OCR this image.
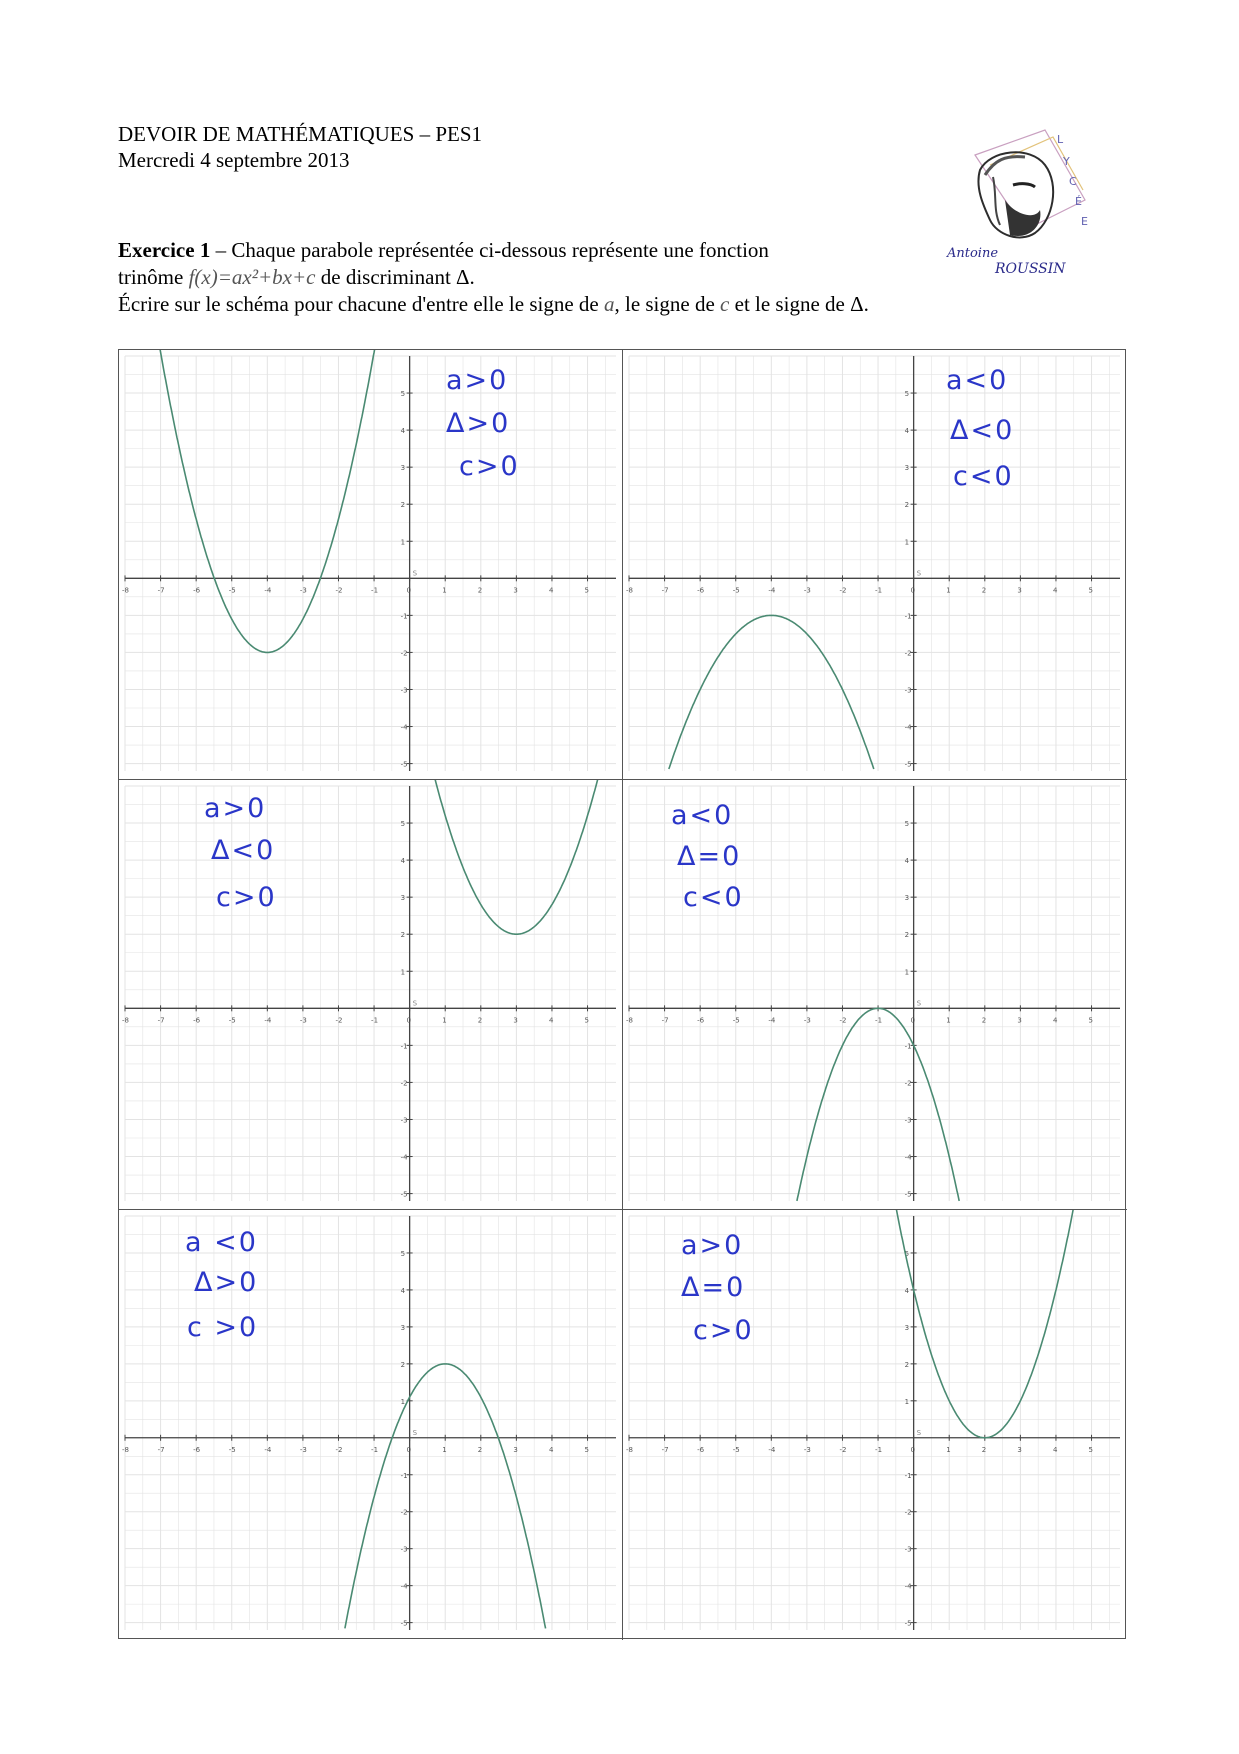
DEVOIR DE MATHÉMATIQUES – PES1
Mercredi 4 septembre 2013
L
Y
C
É
E
Antoine
ROUSSIN
Exercice 1 – Chaque parabole représentée ci-dessous représente une fonction
trinôme f(x)=ax²+bx+c de discriminant Δ.
Écrire sur le schéma pour chacune d'entre elle le signe de a, le signe de c et le signe de Δ.
-8	-7	-6	-5	-4	-3	-2	-1	0	1	2	3	4	5
5
4
3
2
1
-1
-2
-3
-4
-5
S
a>0
Δ>0
c>0
-8	-7	-6	-5	-4	-3	-2	-1	0	1	2	3	4	5
5
4
3
2
1
-1
-2
-3
-4
-5
S
a<0
Δ<0
c<0
-8	-7	-6	-5	-4	-3	-2	-1	0	1	2	3	4	5
5
4
3
2
1
-1
-2
-3
-4
-5
S
a>0
Δ<0
c>0
-8	-7	-6	-5	-4	-3	-2	-1	0	1	2	3	4	5
5
4
3
2
1
-1
-2
-3
-4
-5
S
a<0
Δ=0
c<0
-8	-7	-6	-5	-4	-3	-2	-1	0	1	2	3	4	5
5
4
3
2
1
-1
-2
-3
-4
-5
S
a <0
Δ>0
c >0
-8	-7	-6	-5	-4	-3	-2	-1	0	1	2	3	4	5
5
4
3
2
1
-1
-2
-3
-4
-5
S
a>0
Δ=0
c>0
